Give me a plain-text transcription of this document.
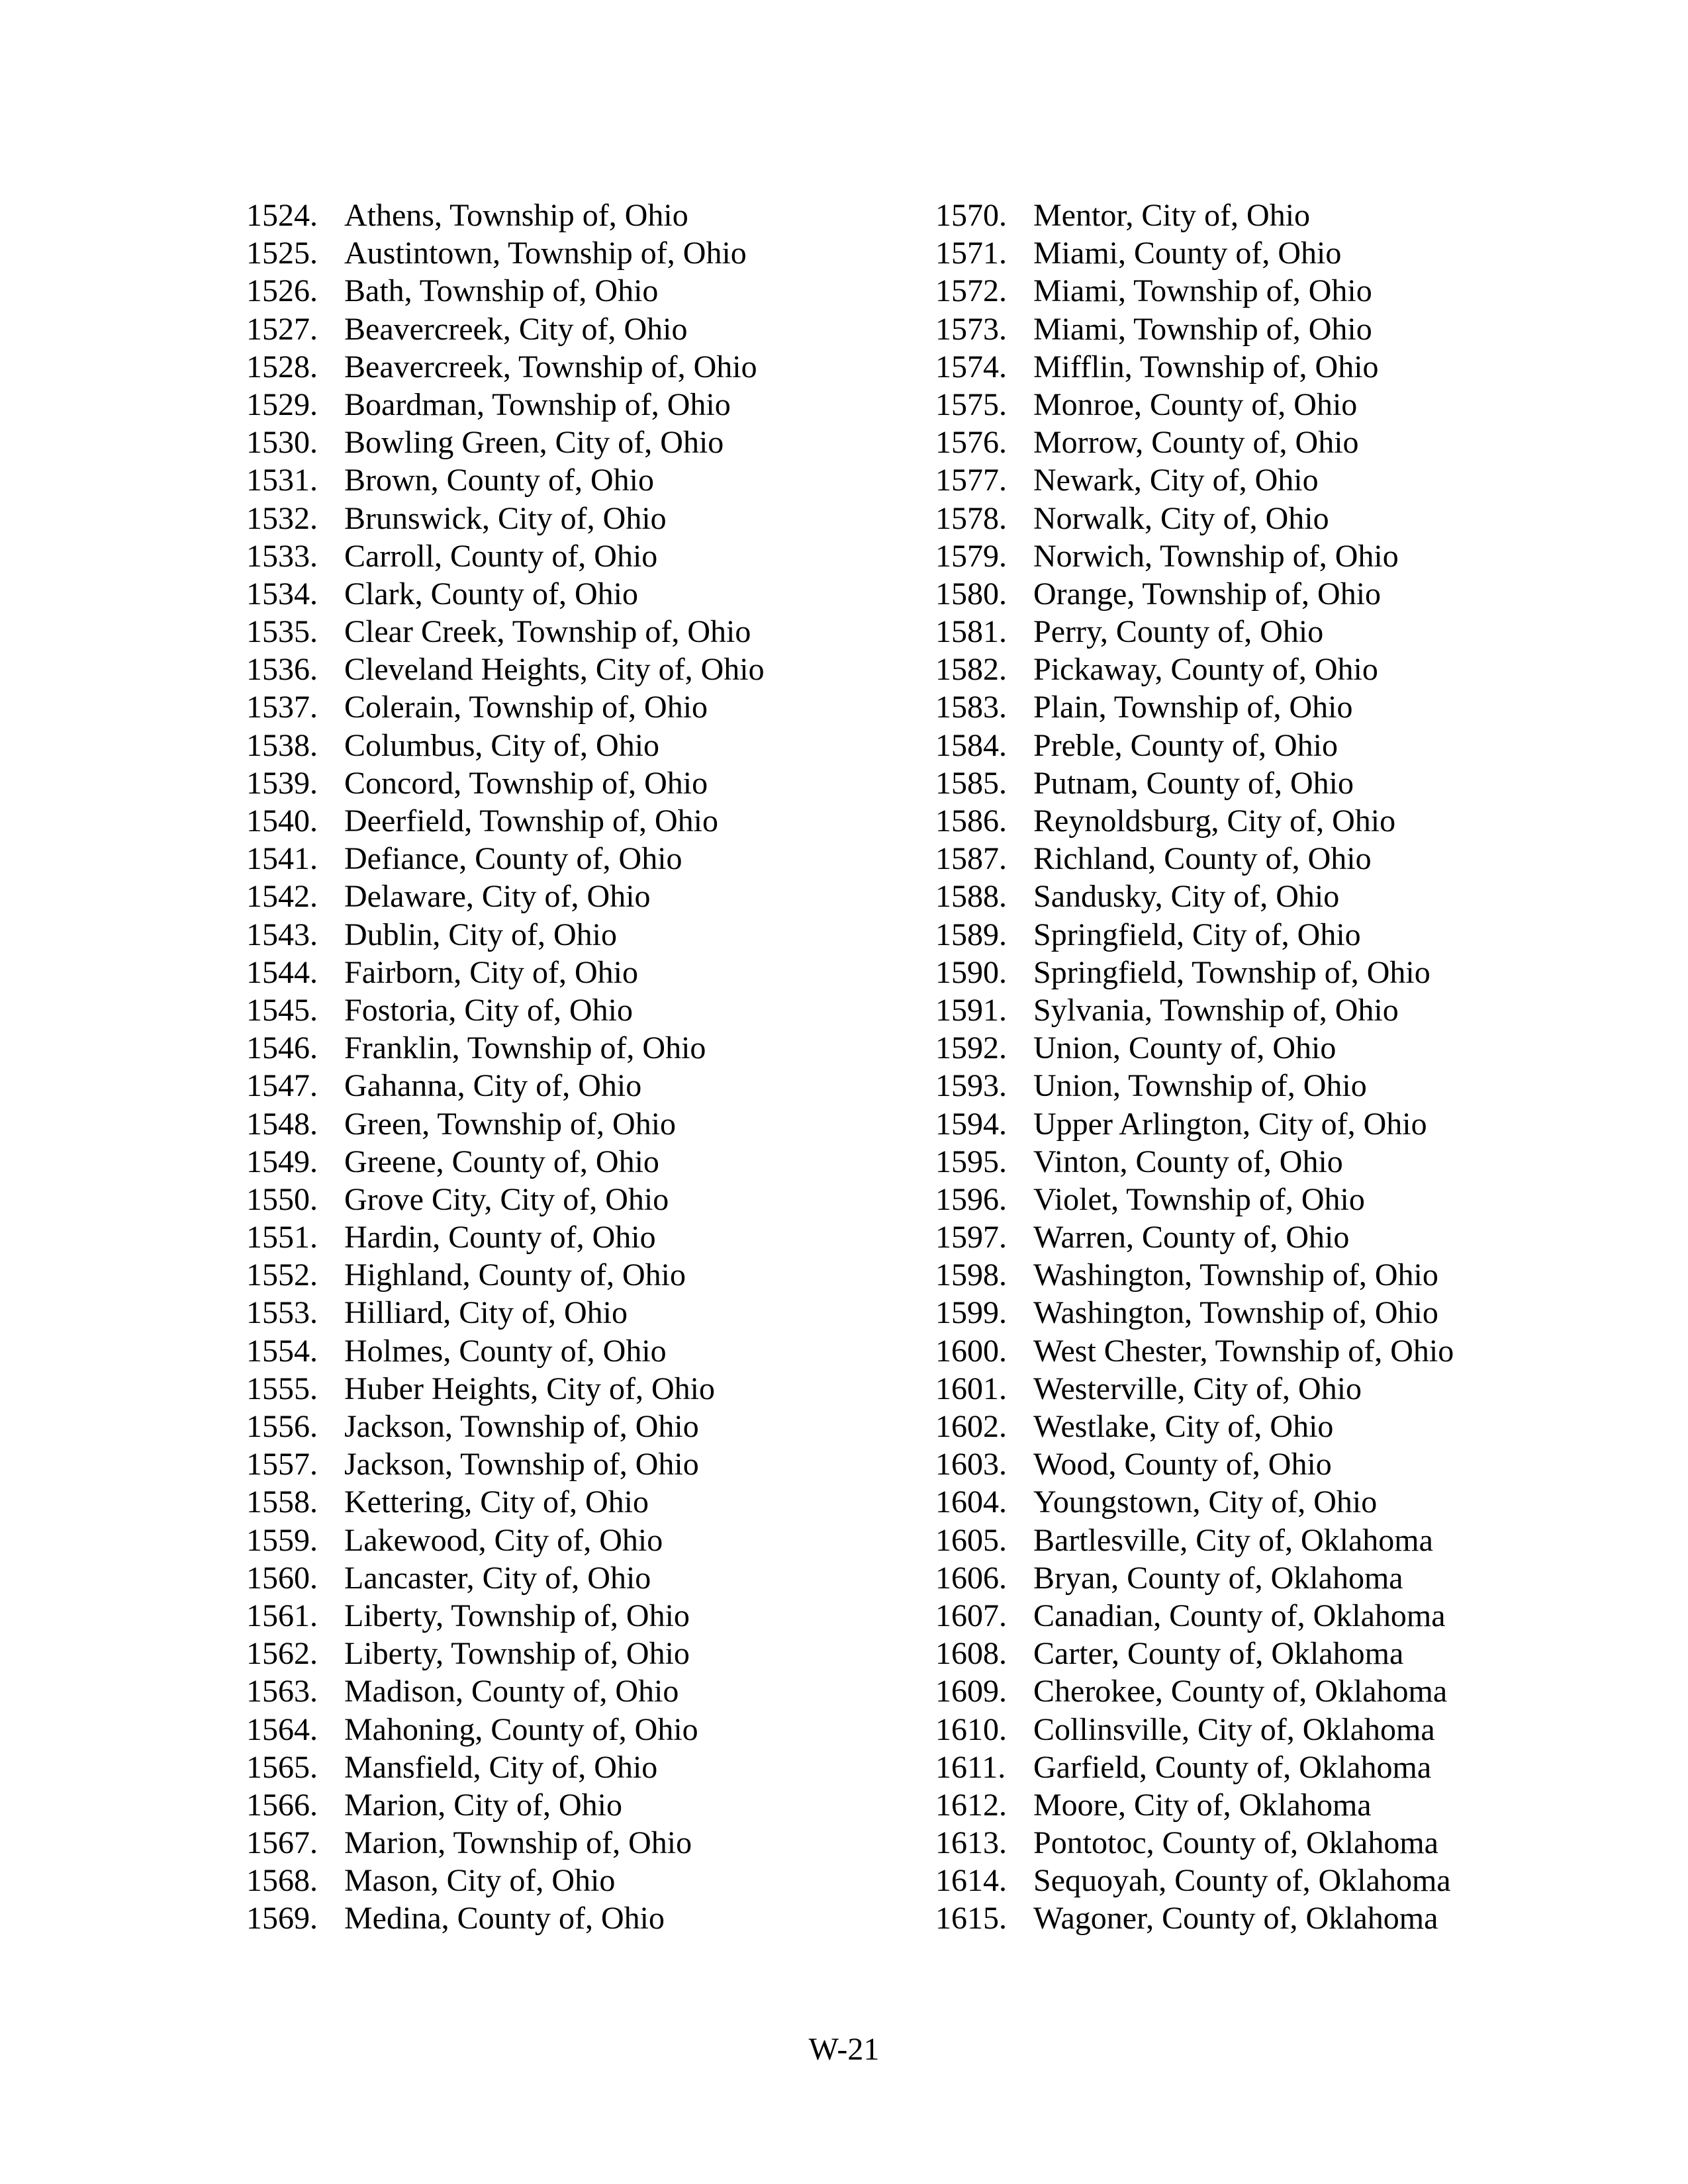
1524. Athens, Township of, Ohio
1525. Austintown, Township of, Ohio
1526. Bath, Township of, Ohio
1527. Beavercreek, City of, Ohio
1528. Beavercreek, Township of, Ohio
1529. Boardman, Township of, Ohio
1530. Bowling Green, City of, Ohio
1531. Brown, County of, Ohio
1532. Brunswick, City of, Ohio
1533. Carroll, County of, Ohio
1534. Clark, County of, Ohio
1535. Clear Creek, Township of, Ohio
1536. Cleveland Heights, City of, Ohio
1537. Colerain, Township of, Ohio
1538. Columbus, City of, Ohio
1539. Concord, Township of, Ohio
1540. Deerfield, Township of, Ohio
1541. Defiance, County of, Ohio
1542. Delaware, City of, Ohio
1543. Dublin, City of, Ohio
1544. Fairborn, City of, Ohio
1545. Fostoria, City of, Ohio
1546. Franklin, Township of, Ohio
1547. Gahanna, City of, Ohio
1548. Green, Township of, Ohio
1549. Greene, County of, Ohio
1550. Grove City, City of, Ohio
1551. Hardin, County of, Ohio
1552. Highland, County of, Ohio
1553. Hilliard, City of, Ohio
1554. Holmes, County of, Ohio
1555. Huber Heights, City of, Ohio
1556. Jackson, Township of, Ohio
1557. Jackson, Township of, Ohio
1558. Kettering, City of, Ohio
1559. Lakewood, City of, Ohio
1560. Lancaster, City of, Ohio
1561. Liberty, Township of, Ohio
1562. Liberty, Township of, Ohio
1563. Madison, County of, Ohio
1564. Mahoning, County of, Ohio
1565. Mansfield, City of, Ohio
1566. Marion, City of, Ohio
1567. Marion, Township of, Ohio
1568. Mason, City of, Ohio
1569. Medina, County of, Ohio
1570. Mentor, City of, Ohio
1571. Miami, County of, Ohio
1572. Miami, Township of, Ohio
1573. Miami, Township of, Ohio
1574. Mifflin, Township of, Ohio
1575. Monroe, County of, Ohio
1576. Morrow, County of, Ohio
1577. Newark, City of, Ohio
1578. Norwalk, City of, Ohio
1579. Norwich, Township of, Ohio
1580. Orange, Township of, Ohio
1581. Perry, County of, Ohio
1582. Pickaway, County of, Ohio
1583. Plain, Township of, Ohio
1584. Preble, County of, Ohio
1585. Putnam, County of, Ohio
1586. Reynoldsburg, City of, Ohio
1587. Richland, County of, Ohio
1588. Sandusky, City of, Ohio
1589. Springfield, City of, Ohio
1590. Springfield, Township of, Ohio
1591. Sylvania, Township of, Ohio
1592. Union, County of, Ohio
1593. Union, Township of, Ohio
1594. Upper Arlington, City of, Ohio
1595. Vinton, County of, Ohio
1596. Violet, Township of, Ohio
1597. Warren, County of, Ohio
1598. Washington, Township of, Ohio
1599. Washington, Township of, Ohio
1600. West Chester, Township of, Ohio
1601. Westerville, City of, Ohio
1602. Westlake, City of, Ohio
1603. Wood, County of, Ohio
1604. Youngstown, City of, Ohio
1605. Bartlesville, City of, Oklahoma
1606. Bryan, County of, Oklahoma
1607. Canadian, County of, Oklahoma
1608. Carter, County of, Oklahoma
1609. Cherokee, County of, Oklahoma
1610. Collinsville, City of, Oklahoma
1611. Garfield, County of, Oklahoma
1612. Moore, City of, Oklahoma
1613. Pontotoc, County of, Oklahoma
1614. Sequoyah, County of, Oklahoma
1615. Wagoner, County of, Oklahoma
W-21
